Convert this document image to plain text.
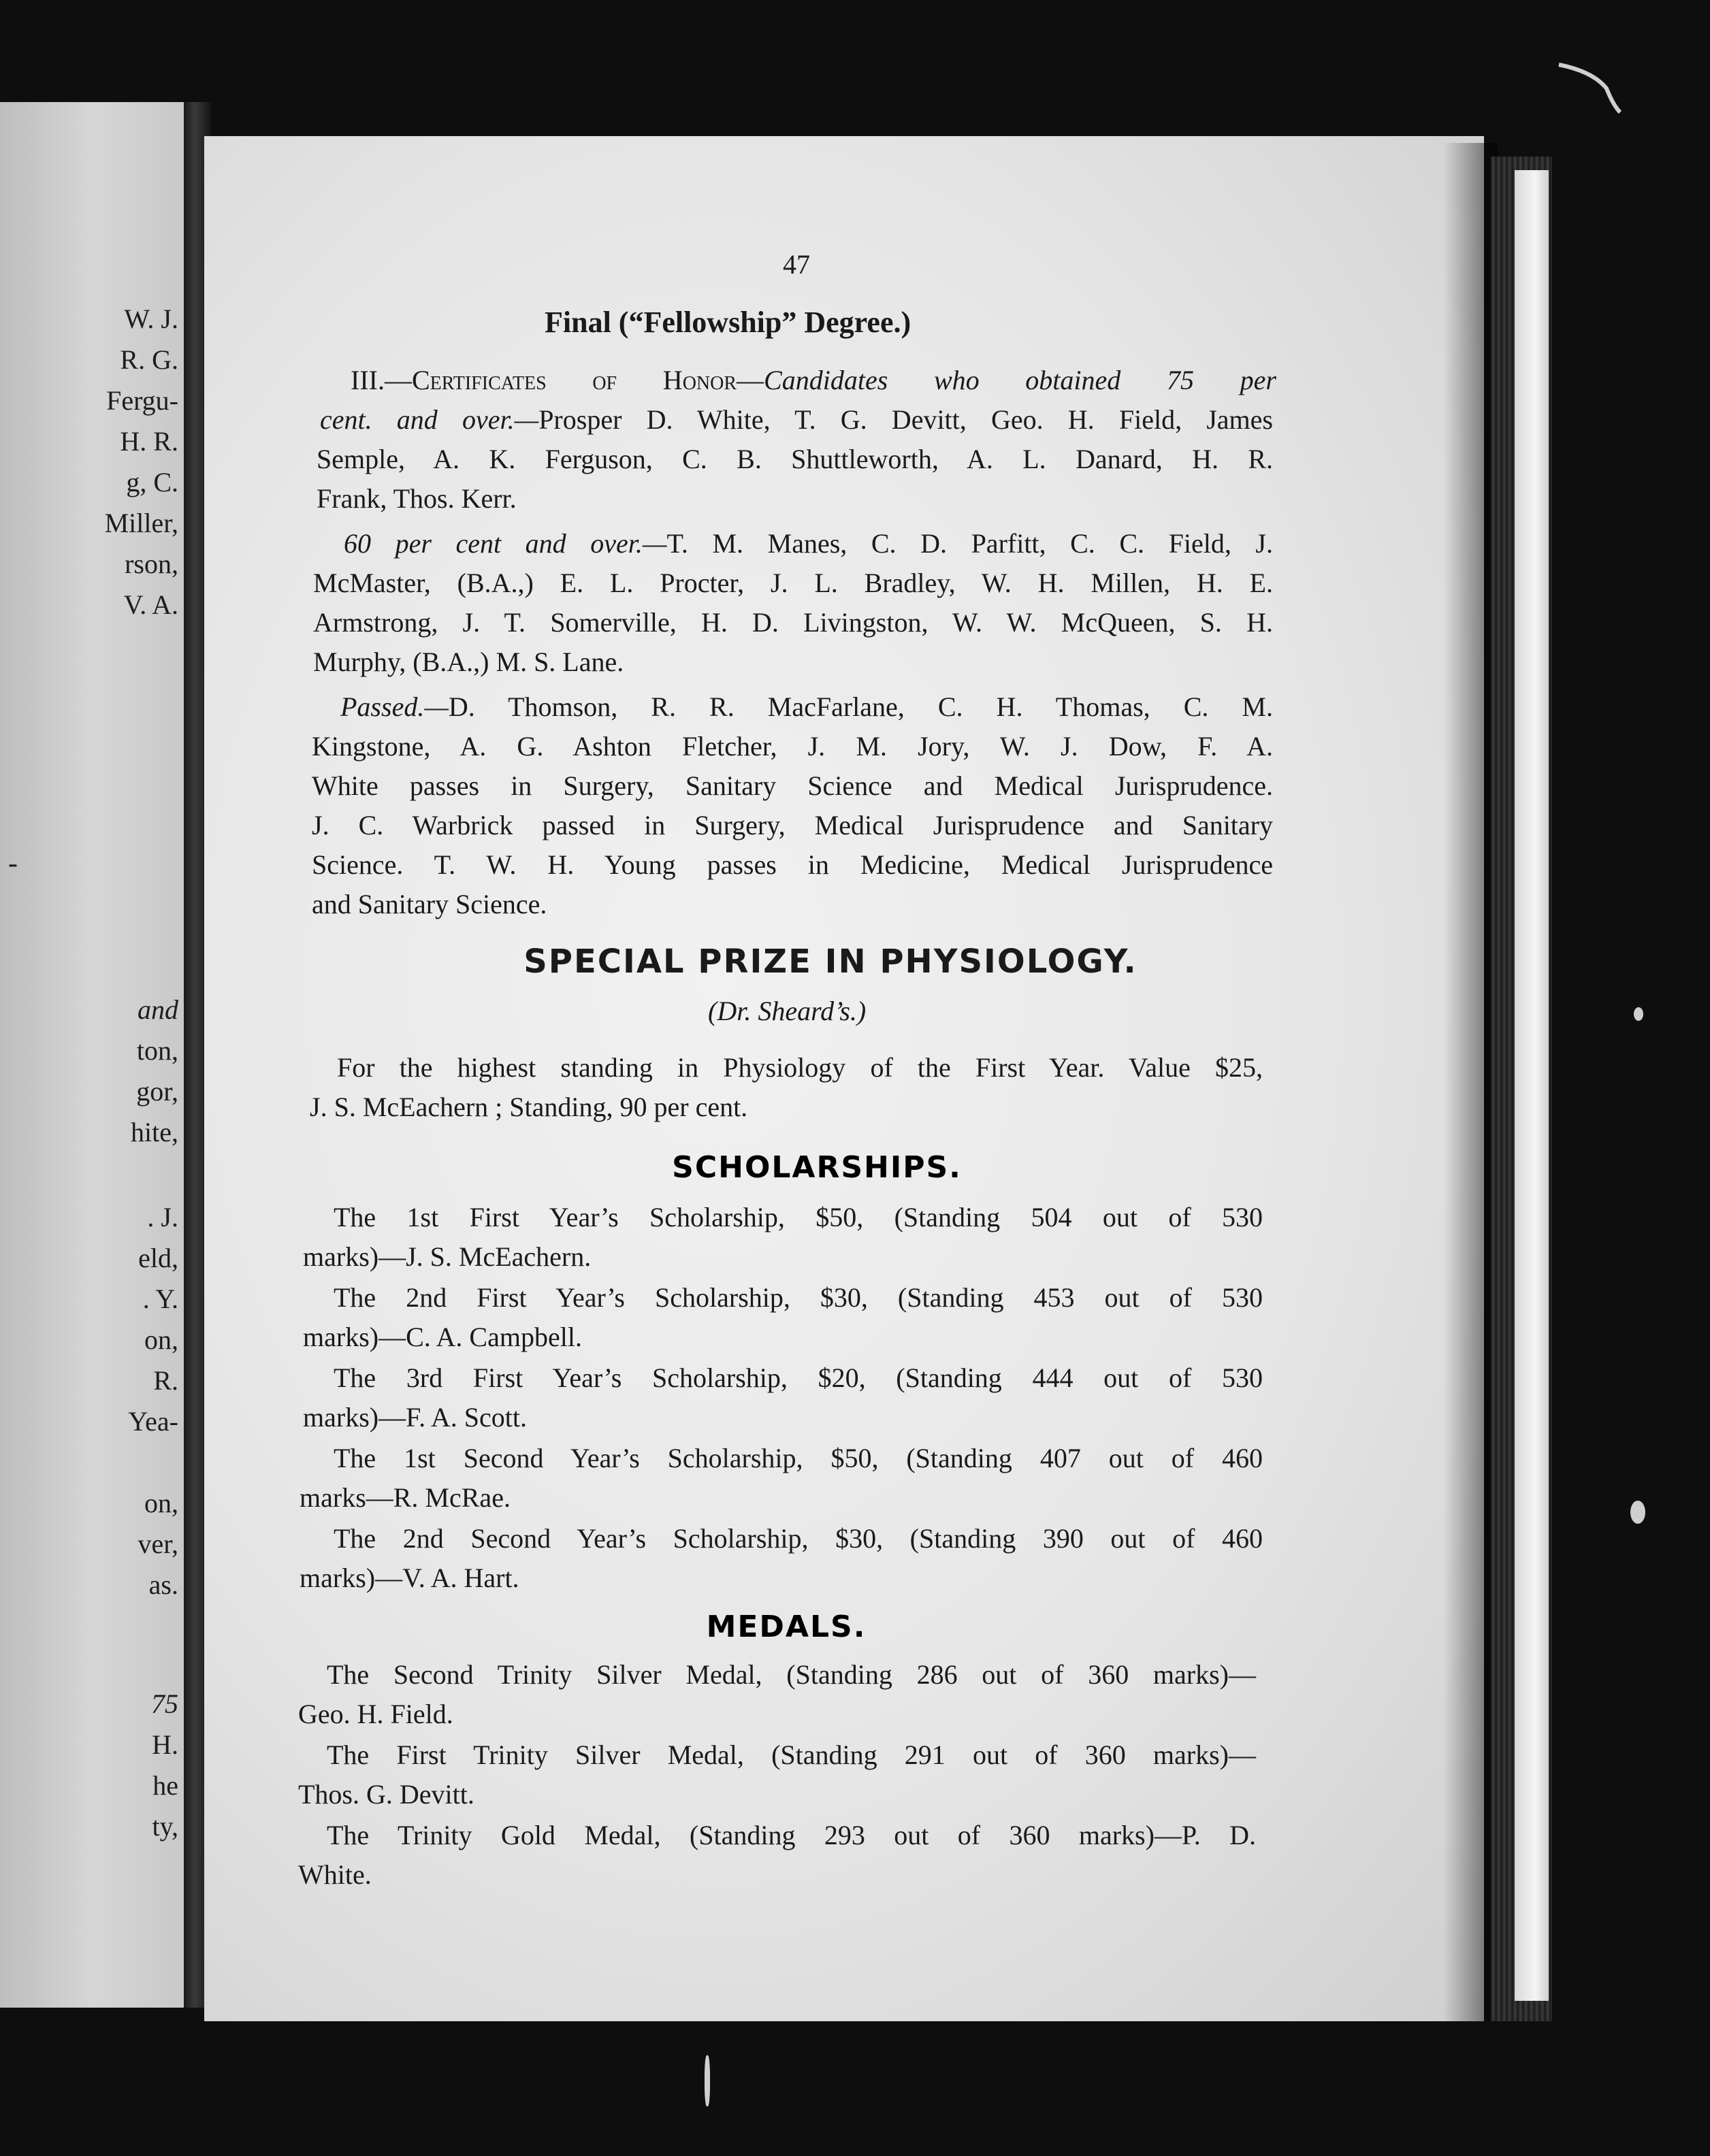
W. J.
R. G.
Fergu-
H. R.
g, C.
Miller,
rson,
V. A.
-
and
ton,
gor,
hite,
. J.
eld,
. Y.
on,
R.
Yea-
on,
ver,
as.
75
H.
he
ty,
47
Final (“Fellowship” Degree.)
III.—Certificates of Honor—Candidates who obtained 75 per
cent. and over.—Prosper D. White, T. G. Devitt, Geo. H. Field, James
Semple, A. K. Ferguson, C. B. Shuttleworth, A. L. Danard, H. R.
Frank, Thos. Kerr.
60 per cent and over.—T. M. Manes, C. D. Parfitt, C. C. Field, J.
McMaster, (B.A.,) E. L. Procter, J. L. Bradley, W. H. Millen, H. E.
Armstrong, J. T. Somerville, H. D. Livingston, W. W. McQueen, S. H.
Murphy, (B.A.,) M. S. Lane.
Passed.—D. Thomson, R. R. MacFarlane, C. H. Thomas, C. M.
Kingstone, A. G. Ashton Fletcher, J. M. Jory, W. J. Dow, F. A.
White passes in Surgery, Sanitary Science and Medical Jurisprudence.
J. C. Warbrick passed in Surgery, Medical Jurisprudence and Sanitary
Science. T. W. H. Young passes in Medicine, Medical Jurisprudence
and Sanitary Science.
SPECIAL PRIZE IN PHYSIOLOGY.
(Dr. Sheard’s.)
For the highest standing in Physiology of the First Year. Value $25,
J. S. McEachern ; Standing, 90 per cent.
SCHOLARSHIPS.
The 1st First Year’s Scholarship, $50, (Standing 504 out of 530
marks)—J. S. McEachern.
The 2nd First Year’s Scholarship, $30, (Standing 453 out of 530
marks)—C. A. Campbell.
The 3rd First Year’s Scholarship, $20, (Standing 444 out of 530
marks)—F. A. Scott.
The 1st Second Year’s Scholarship, $50, (Standing 407 out of 460
marks—R. McRae.
The 2nd Second Year’s Scholarship, $30, (Standing 390 out of 460
marks)—V. A. Hart.
MEDALS.
The Second Trinity Silver Medal, (Standing 286 out of 360 marks)—
Geo. H. Field.
The First Trinity Silver Medal, (Standing 291 out of 360 marks)—
Thos. G. Devitt.
The Trinity Gold Medal, (Standing 293 out of 360 marks)—P. D.
White.
